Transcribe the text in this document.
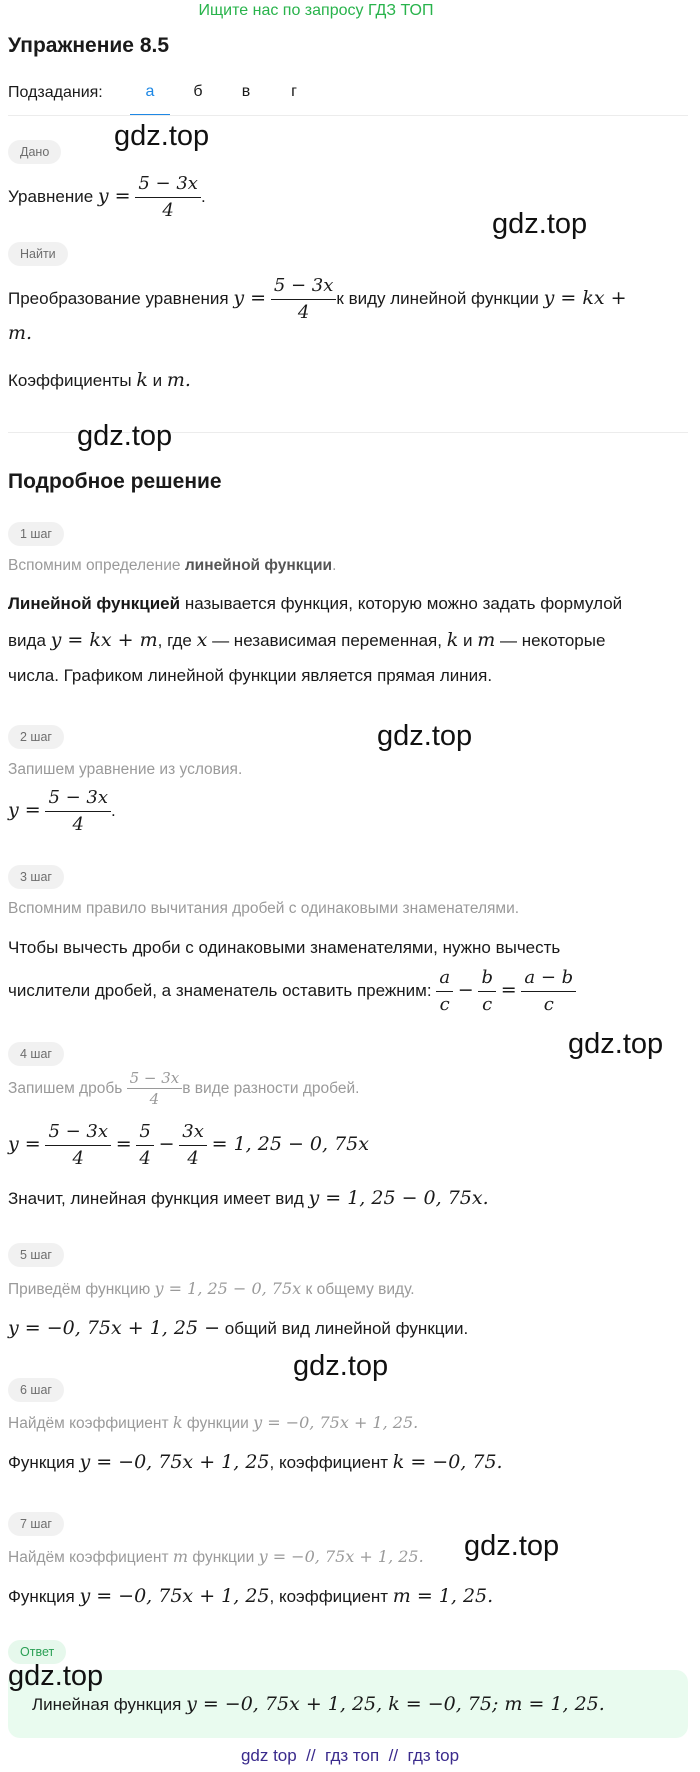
Ищите нас по запросу ГДЗ ТОП
Упражнение 8.5
Подзадания:	а	б	в	г
Дано
Уравнение $y = \frac{5 - 3x}{4}$ .
Найти
Преобразование уравнения $y = \frac{5 - 3x}{4}$ к виду линейной функции y = kx +
m.
Коэффициенты k и m.
Подробное решение
1 шаг
Вспомним определение линейной функции.
Линейной функцией называется функция, которую можно задать формулой
вида y = kx + m, где x — независимая переменная, k и m — некоторые
числа. Графиком линейной функции является прямая линия.
2 шаг
Запишем уравнение из условия.
$y = \frac{5 - 3x}{4}$ .
3 шаг
Вспомним правило вычитания дробей с одинаковыми знаменателями.
Чтобы вычесть дроби с одинаковыми знаменателями, нужно вычесть
числители дробей, а знаменатель оставить прежним: $\frac{a}{c} - \frac{b}{c} = \frac{a - b}{c}$
4 шаг
Запишем дробь $\frac{5 - 3x}{4}$ в виде разности дробей.
$y = \frac{5 - 3x}{4} = \frac{5}{4} - \frac{3x}{4} = 1$, 25 − 0, 75x
Значит, линейная функция имеет вид y = 1, 25 − 0, 75x.
5 шаг
Приведём функцию y = 1, 25 − 0, 75x к общему виду.
y = −0, 75x + 1, 25 − общий вид линейной функции.
6 шаг
Найдём коэффициент k функции y = −0, 75x + 1, 25.
Функция y = −0, 75x + 1, 25, коэффициент k = −0, 75.
7 шаг
Найдём коэффициент m функции y = −0, 75x + 1, 25.
Функция y = −0, 75x + 1, 25, коэффициент m = 1, 25.
Ответ
Линейная функция y = −0, 75x + 1, 25, k = −0, 75; m = 1, 25.
gdz top  //  гдз топ  //  гдз top
gdz.top
gdz.top
gdz.top
gdz.top
gdz.top
gdz.top
gdz.top
gdz.top
